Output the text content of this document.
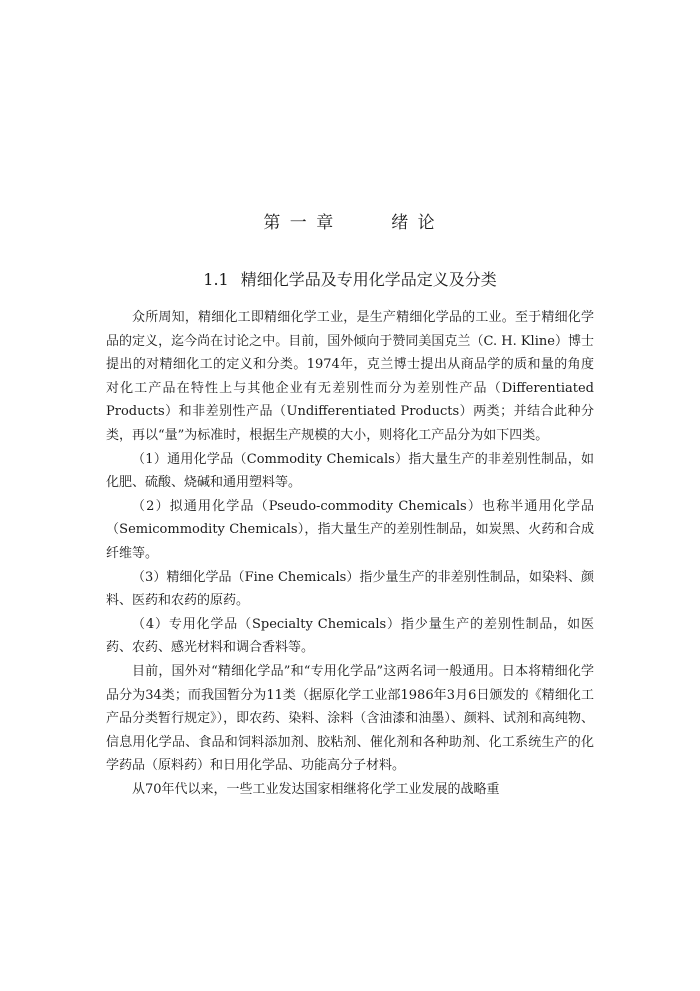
第 一 章	绪 论
1.1 精细化学品及专用化学品定义及分类

众所周知，精细化工即精细化学工业，是生产精细化学品的工业。至于精细化学品的定义，迄今尚在讨论之中。目前，国外倾向于赞同美国克兰（C. H. Kline）博士提出的对精细化工的定义和分类。1974年，克兰博士提出从商品学的质和量的角度对化工产品在特性上与其他企业有无差别性而分为差别性产品（Differentiated Products）和非差别性产品（Undifferentiated Products）两类；并结合此种分类，再以“量”为标准时，根据生产规模的大小，则将化工产品分为如下四类。

（1）通用化学品（Commodity Chemicals）指大量生产的非差别性制品，如化肥、硫酸、烧碱和通用塑料等。

（2）拟通用化学品（Pseudo-commodity Chemicals）也称半通用化学品（Semicommodity Chemicals），指大量生产的差别性制品，如炭黑、火药和合成纤维等。

（3）精细化学品（Fine Chemicals）指少量生产的非差别性制品，如染料、颜料、医药和农药的原药。

（4）专用化学品（Specialty Chemicals）指少量生产的差别性制品，如医药、农药、感光材料和调合香料等。

目前，国外对“精细化学品”和“专用化学品”这两名词一般通用。日本将精细化学品分为34类；而我国暂分为11类（据原化学工业部1986年3月6日颁发的《精细化工产品分类暂行规定》），即农药、染料、涂料（含油漆和油墨）、颜料、试剂和高纯物、信息用化学品、食品和饲料添加剂、胶粘剂、催化剂和各种助剂、化工系统生产的化学药品（原料药）和日用化学品、功能高分子材料。

从70年代以来，一些工业发达国家相继将化学工业发展的战略重
